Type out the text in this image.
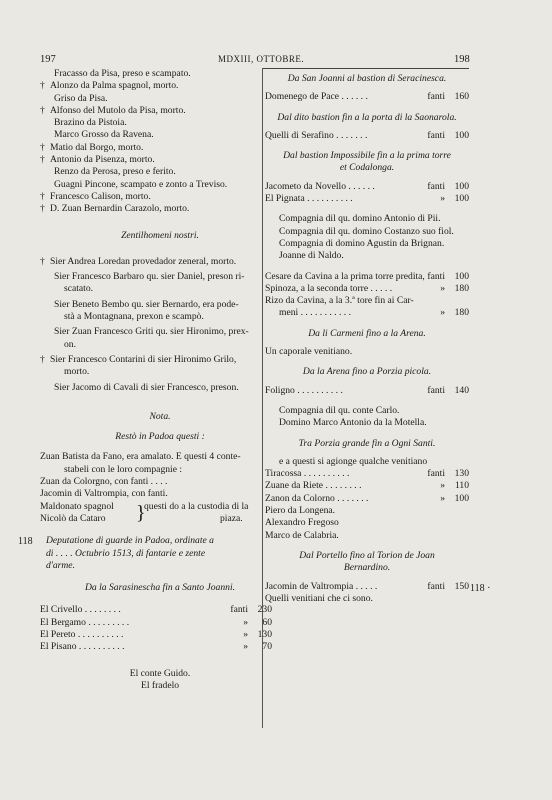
197	MDXIII, OTTOBRE.	198
Fracasso da Pisa, preso e scampato.
† Alonzo da Palma spagnol, morto.
Griso da Pisa.
† Alfonso del Mutolo da Pisa, morto.
Brazino da Pistoia.
Marco Grosso da Ravena.
† Matio dal Borgo, morto.
† Antonio da Pisenza, morto.
Renzo da Perosa, preso e ferito.
Guagni Pincone, scampato e zonto a Treviso.
† Francesco Calison, morto.
† D. Zuan Bernardin Carazolo, morto.
Zentilhomeni nostri.
† Sier Andrea Loredan provedador zeneral, morto.
Sier Francesco Barbaro qu. sier Daniel, preson ri-
scatato.
Sier Beneto Bembo qu. sier Bernardo, era pode-
stà a Montagnana, prexon e scampò.
Sier Zuan Francesco Griti qu. sier Hironimo, prex-
on.
† Sier Francesco Contarini di sier Hironimo Grilo,
morto.
Sier Jacomo di Cavali di sier Francesco, preson.
Nota.
Restò in Padoa questi :
Zuan Batista da Fano, era amalato. E questi 4 conte-
stabeli con le loro compagnie :
Zuan da Colorgno, con fanti . . . .
Jacomin di Valtrompia, con fanti.
Maldonato spagnol
Nicolò da Cataro	}
questi do a la custodia di la
piaza.
Deputatione di guarde in Padoa, ordinate a
di . . . . Octubrio 1513, di fantarie e zente
d'arme.
Da la Sarasinescha fin a Santo Joanni.
El Crivello . . . . . . . .	fanti 230
El Bergamo . . . . . . . . .	» 60
El Pereto . . . . . . . . . .	» 130
El Pisano . . . . . . . . . .	» 70
El conte Guido.
El fradelo
118
Da San Joanni al bastion di Seracinesca.
Domenego de Pace . . . . . .	fanti 160
Dal dito bastion fin a la porta di la Saonarola.
Quelli di Serafino . . . . . . .	fanti 100
Dal bastion Impossibile fin a la prima torre
et Codalonga.
Jacometo da Novello . . . . . .	fanti 100
El Pignata . . . . . . . . . .	» 100
Compagnia dil qu. domino Antonio di Pii.
Compagnia dil qu. domino Costanzo suo fiol.
Compagnia di domino Agustin da Brignan.
Joanne di Naldo.
Cesare da Cavina a la prima torre predita, fanti 100
Spinoza, a la seconda torre . . . . .	» 180
Rizo da Cavina, a la 3.ª tore fin ai Car-
meni . . . . . . . . . . .	» 180
Da li Carmeni fino a la Arena.
Un caporale venitiano.
Da la Arena fino a Porzia picola.
Foligno . . . . . . . . . .	fanti 140
Compagnia dil qu. conte Carlo.
Domino Marco Antonio da la Motella.
Tra Porzia grande fin a Ogni Santi.
e a questi si agionge qualche venitiano
Tiracossa . . . . . . . . . .	fanti 130
Zuane da Riete . . . . . . . .	» 110
Zanon da Colorno . . . . . . .	» 100
Piero da Longena.
Alexandro Fregoso
Marco de Calabria.
Dal Portello fino al Torion de Joan
Bernardino.
Jacomin de Valtrompia . . . . .	fanti 150
Quelli venitiani che ci sono.
118 ·
